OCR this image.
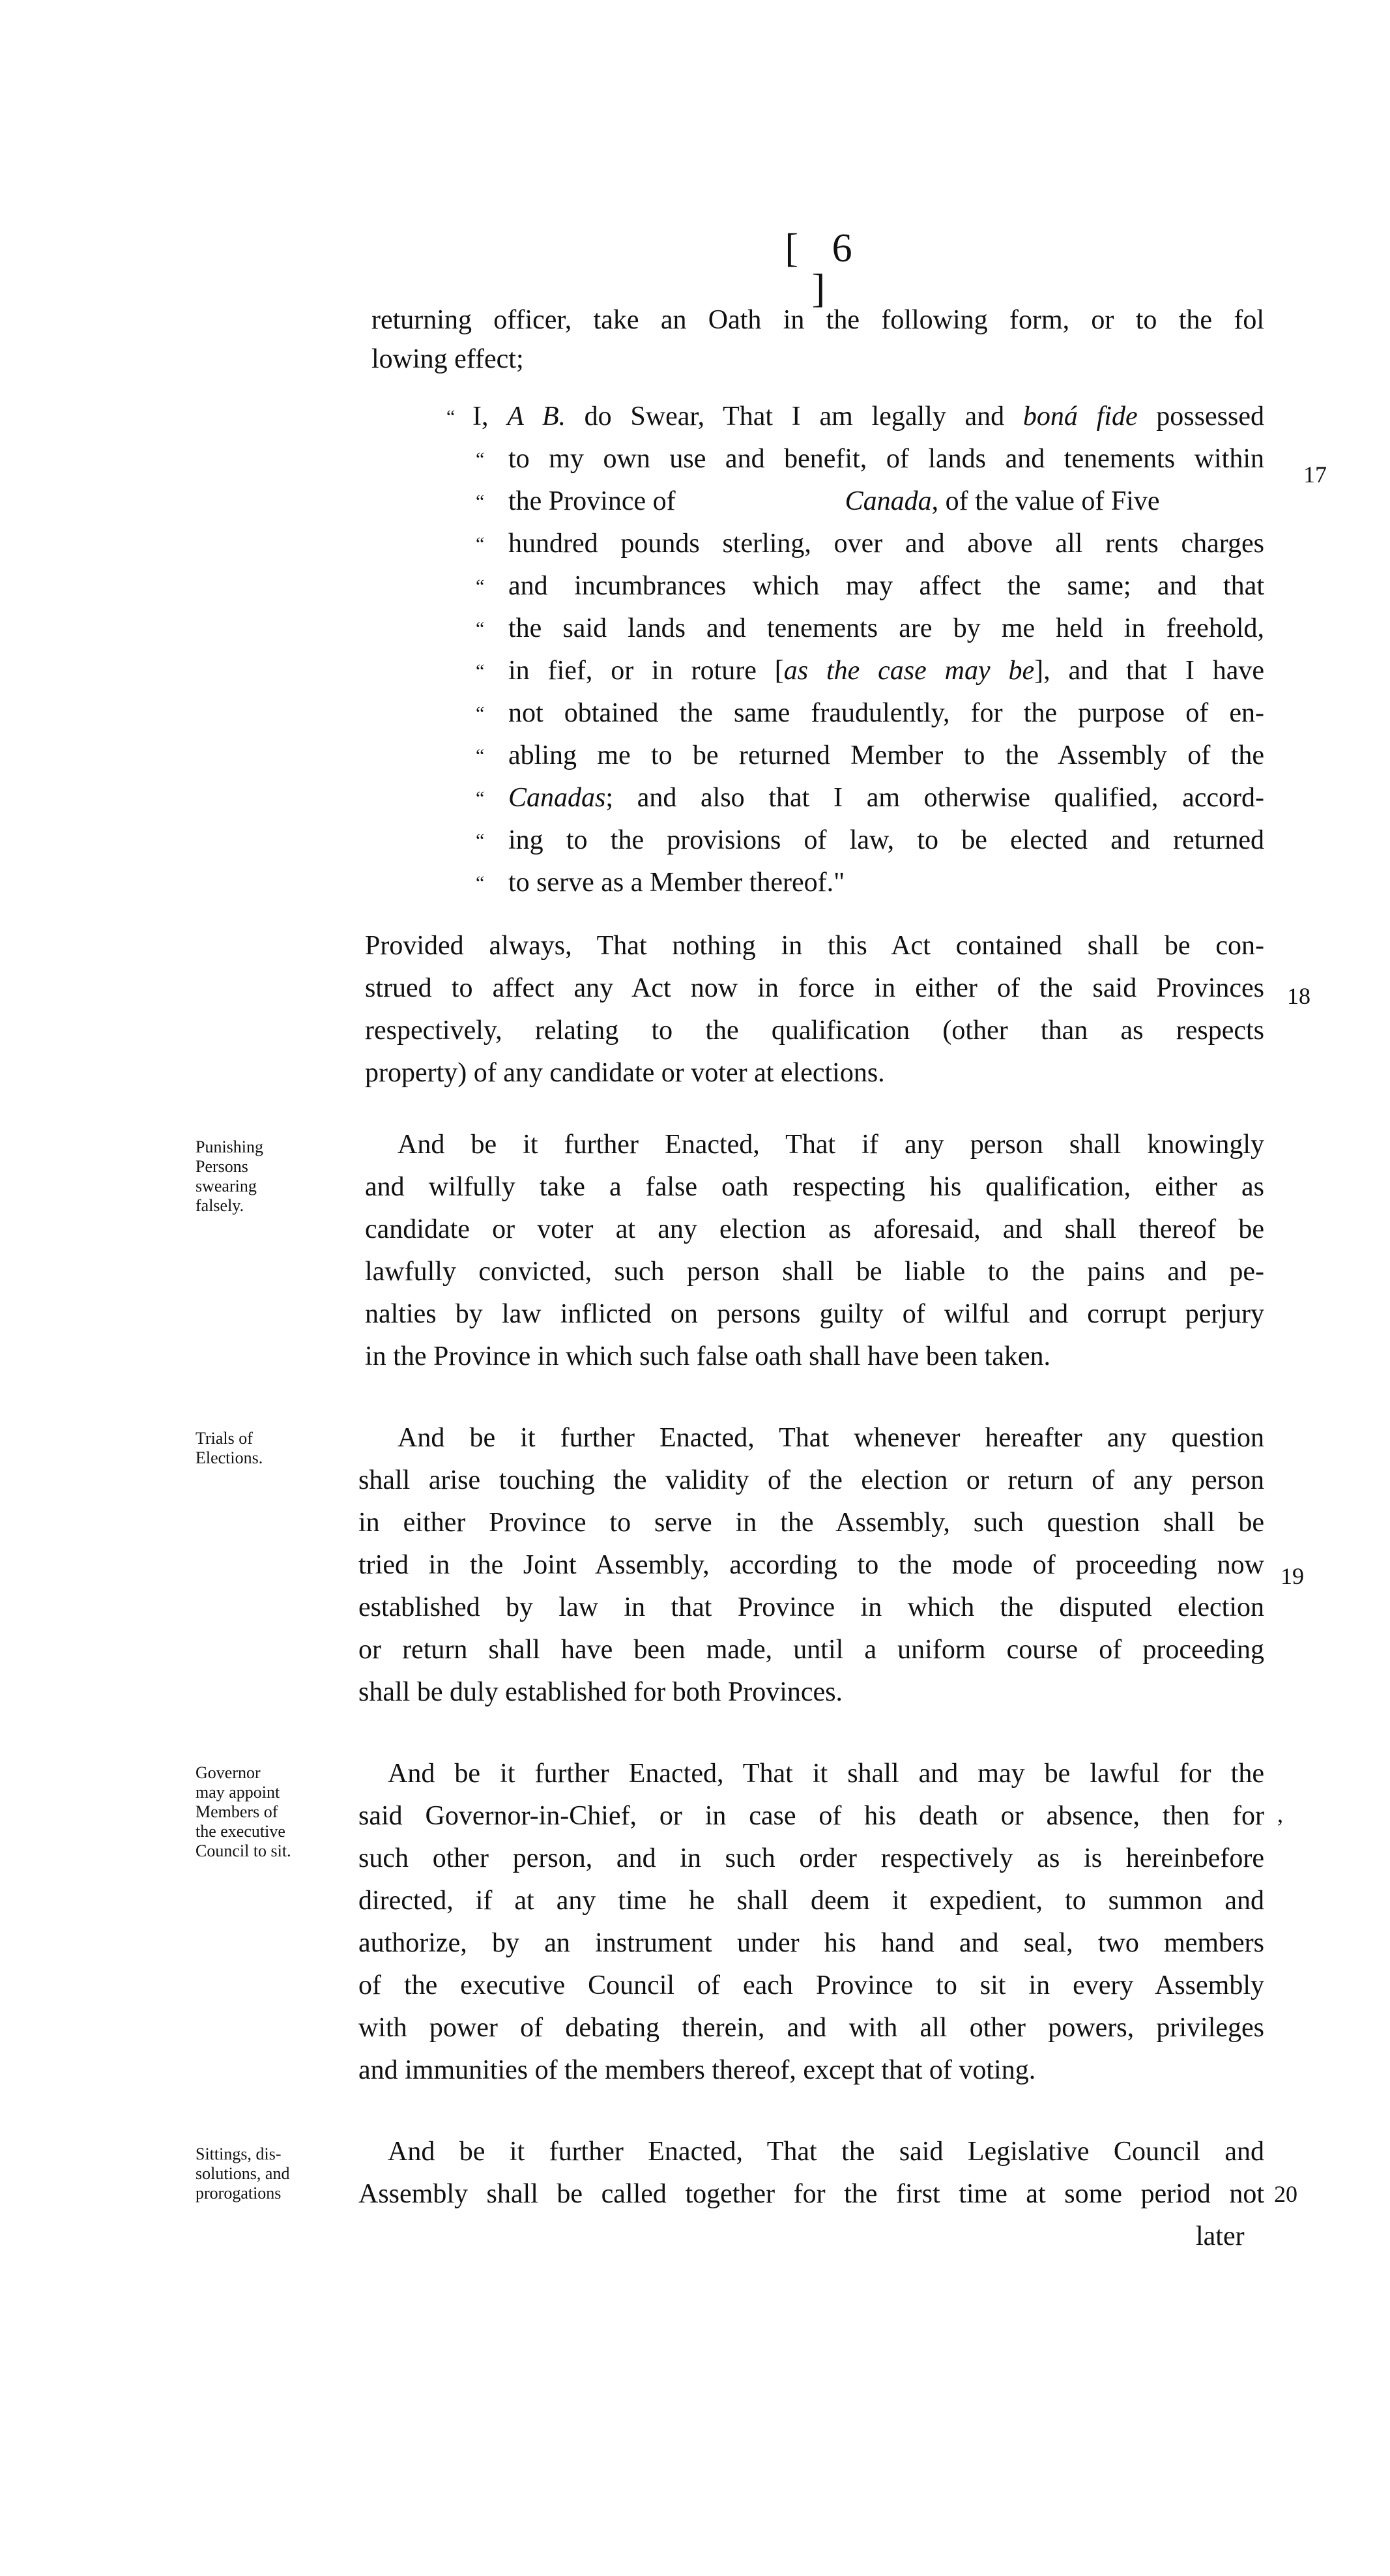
[ 6 ]
returning officer, take an Oath in the following form, or to the fol
lowing effect;
“ I, A B. do Swear, That I am legally and boná fide possessed
“ to my own use and benefit, of lands and tenements within
“ the Province of	Canada, of the value of Five
“ hundred pounds sterling, over and above all rents charges
“ and incumbrances which may affect the same; and that
“ the said lands and tenements are by me held in freehold,
“ in fief, or in roture [as the case may be], and that I have
“ not obtained the same fraudulently, for the purpose of en-
“ abling me to be returned Member to the Assembly of the
“ Canadas; and also that I am otherwise qualified, accord-
“ ing to the provisions of law, to be elected and returned
“ to serve as a Member thereof."
Provided always, That nothing in this Act contained shall be con-
strued to affect any Act now in force in either of the said Provinces
respectively, relating to the qualification (other than as respects
property) of any candidate or voter at elections.
Punishing
Persons
swearing
falsely.
And be it further Enacted, That if any person shall knowingly
and wilfully take a false oath respecting his qualification, either as
candidate or voter at any election as aforesaid, and shall thereof be
lawfully convicted, such person shall be liable to the pains and pe-
nalties by law inflicted on persons guilty of wilful and corrupt perjury
in the Province in which such false oath shall have been taken.
Trials of
Elections.
And be it further Enacted, That whenever hereafter any question
shall arise touching the validity of the election or return of any person
in either Province to serve in the Assembly, such question shall be
tried in the Joint Assembly, according to the mode of proceeding now
established by law in that Province in which the disputed election
or return shall have been made, until a uniform course of proceeding
shall be duly established for both Provinces.
Governor
may appoint
Members of
the executive
Council to sit.
And be it further Enacted, That it shall and may be lawful for the
said Governor-in-Chief, or in case of his death or absence, then for
such other person, and in such order respectively as is hereinbefore
directed, if at any time he shall deem it expedient, to summon and
authorize, by an instrument under his hand and seal, two members
of the executive Council of each Province to sit in every Assembly
with power of debating therein, and with all other powers, privileges
and immunities of the members thereof, except that of voting.
Sittings, dis-
solutions, and
prorogations
And be it further Enacted, That the said Legislative Council and
Assembly shall be called together for the first time at some period not
17
18
19
,
20
later
